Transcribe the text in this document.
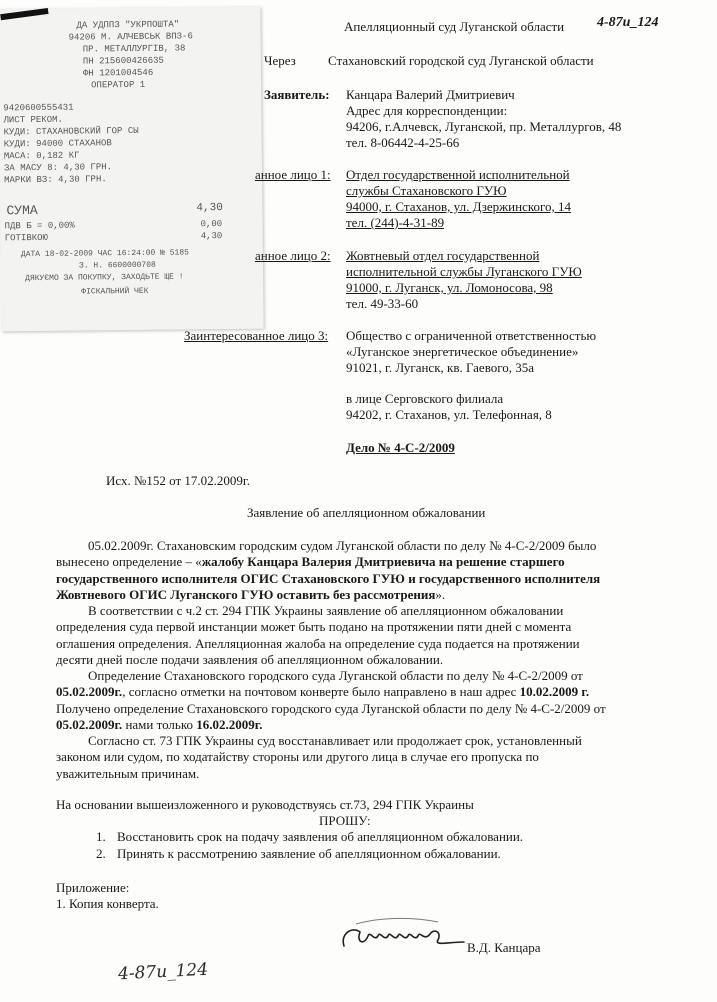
ДА УДППЗ "УКРПОШТА"
94206 М. АЛЧЕВСЬК ВПЗ-6
ПР. МЕТАЛЛУРГІВ, 38
ПН 215600426635
ФН 1201004546
ОПЕРАТОР 1
9420600555431
ЛИСТ РЕКОМ.
КУДИ: СТАХАНОВСКИЙ ГОР СЫ
КУДИ: 94000 СТАХАНОВ
МАСА: 0,182 КГ
ЗА МАСУ 8: 4,30 ГРН.
МАРКИ ВЗ: 4,30 ГРН.
СУМА	4,30
ПДВ Б = 0,00%	0,00
ГОТІВКОЮ	4,30
ДАТА 18-02-2009 ЧАС 16:24:00 № 5185
З. Н. 6600000708
ДЯКУЄМО ЗА ПОКУПКУ, ЗАХОДЬТЕ ЩЕ !
ФІСКАЛЬНИЙ ЧЕК
Апелляционный суд Луганской области 4-87и_124
Через Стахановский городской суд Луганской области
Заявитель: Канцара Валерий Дмитриевич
Адрес для корреспонденции:
94206, г.Алчевск, Луганской, пр. Металлургов, 48
тел. 8-06442-4-25-66
анное лицо 1: Отдел государственной исполнительной
службы Стахановского ГУЮ
94000, г. Стаханов, ул. Дзержинского, 14
тел. (244)-4-31-89
анное лицо 2: Жовтневый отдел государственной
исполнительной службы Луганского ГУЮ
91000, г. Луганск, ул. Ломоносова, 98
тел. 49-33-60
Заинтересованное лицо 3: Общество с ограниченной ответственностью
«Луганское энергетическое объединение»
91021, г. Луганск, кв. Гаевого, 35а
в лице Серговского филиала
94202, г. Стаханов, ул. Телефонная, 8
Дело № 4-С-2/2009
Исх. №152 от 17.02.2009г.
Заявление об апелляционном обжаловании
05.02.2009г. Стахановским городским судом Луганской области по делу № 4-С-2/2009 было
вынесено определение – «жалобу Канцара Валерия Дмитриевича на решение старшего
государственного исполнителя ОГИС Стахановского ГУЮ и государственного исполнителя
Жовтневого ОГИС Луганского ГУЮ оставить без рассмотрения».
В соответствии с ч.2 ст. 294 ГПК Украины заявление об апелляционном обжаловании
определения суда первой инстанции может быть подано на протяжении пяти дней с момента
оглашения определения. Апелляционная жалоба на определение суда подается на протяжении
десяти дней после подачи заявления об апелляционном обжаловании.
Определение Стахановского городского суда Луганской области по делу № 4-С-2/2009 от
05.02.2009г., согласно отметки на почтовом конверте было направлено в наш адрес 10.02.2009 г.
Получено определение Стахановского городского суда Луганской области по делу № 4-С-2/2009 от
05.02.2009г. нами только 16.02.2009г.
Согласно ст. 73 ГПК Украины суд восстанавливает или продолжает срок, установленный
законом или судом, по ходатайству стороны или другого лица в случае его пропуска по
уважительным причинам.
На основании вышеизложенного и руководствуясь ст.73, 294 ГПК Украины
ПРОШУ:
1. Восстановить срок на подачу заявления об апелляционном обжаловании.
2. Принять к рассмотрению заявление об апелляционном обжаловании.
Приложение:
1. Копия конверта.
В.Д. Канцара
4-87и_124
